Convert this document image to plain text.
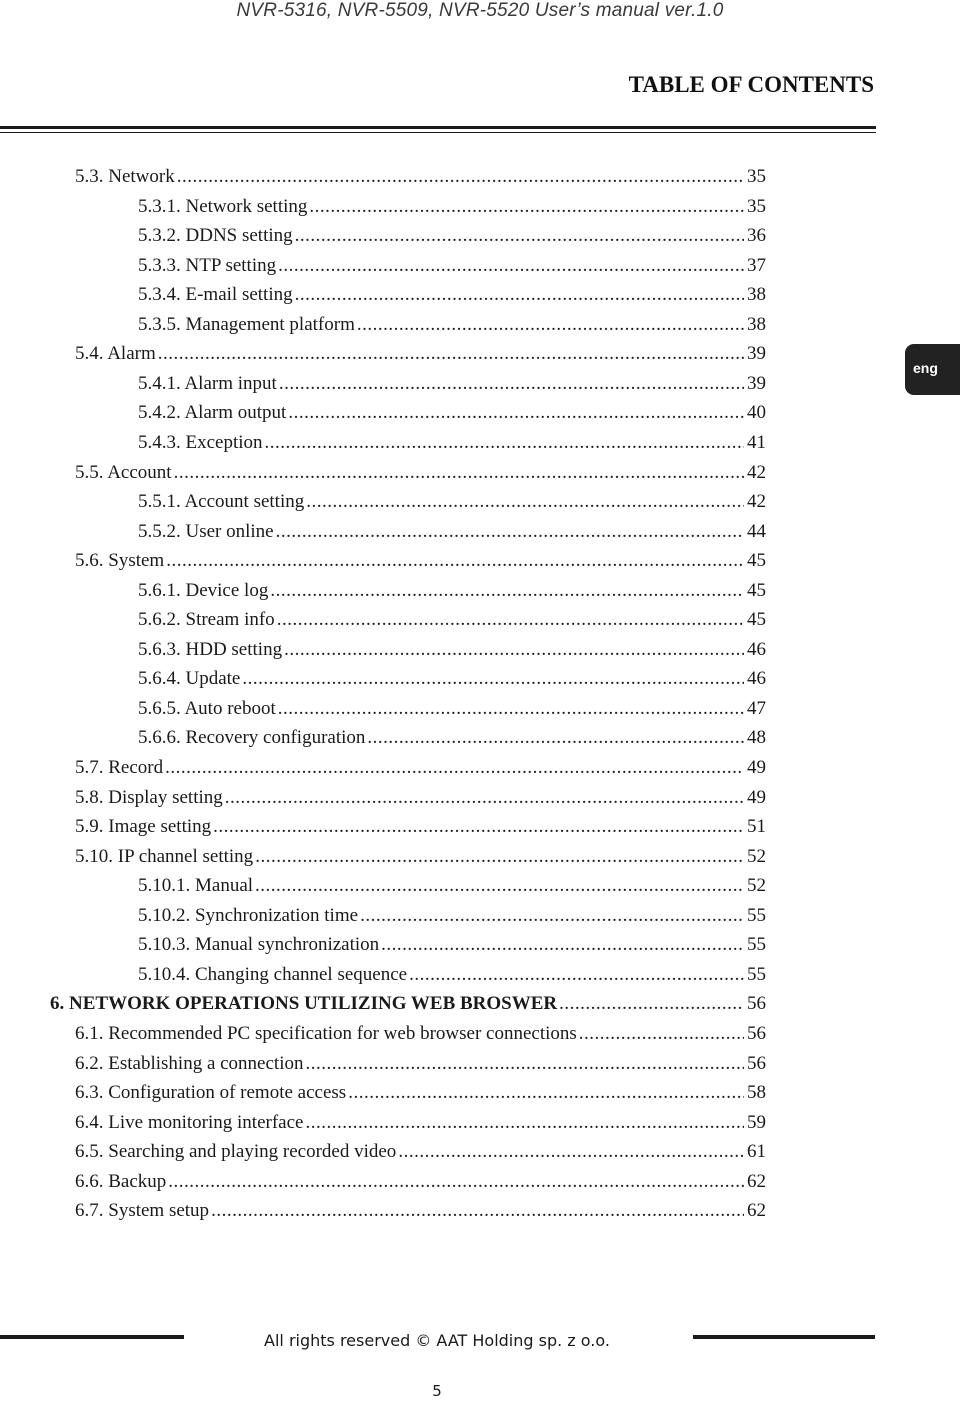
NVR-5316, NVR-5509, NVR-5520 User’s manual ver.1.0
TABLE OF CONTENTS
eng
5.3. Network .....	35
5.3.1. Network setting .....	35
5.3.2. DDNS setting .....	36
5.3.3. NTP setting .....	37
5.3.4. E-mail setting .....	38
5.3.5. Management platform .....	38
5.4. Alarm .....	39
5.4.1. Alarm input .....	39
5.4.2. Alarm output .....	40
5.4.3. Exception .....	41
5.5. Account .....	42
5.5.1. Account setting .....	42
5.5.2. User online .....	44
5.6. System .....	45
5.6.1. Device log .....	45
5.6.2. Stream info .....	45
5.6.3. HDD setting .....	46
5.6.4. Update .....	46
5.6.5. Auto reboot .....	47
5.6.6. Recovery configuration .....	48
5.7. Record .....	49
5.8. Display setting .....	49
5.9. Image setting .....	51
5.10. IP channel setting .....	52
5.10.1. Manual .....	52
5.10.2. Synchronization time .....	55
5.10.3. Manual synchronization .....	55
5.10.4. Changing channel sequence .....	55
6. NETWORK OPERATIONS UTILIZING WEB BROSWER .....	56
6.1. Recommended PC specification for web browser connections .....	56
6.2. Establishing a connection .....	56
6.3. Configuration of remote access .....	58
6.4. Live monitoring interface .....	59
6.5. Searching and playing recorded video .....	61
6.6. Backup .....	62
6.7. System setup .....	62
All rights reserved © AAT Holding sp. z o.o.
5
